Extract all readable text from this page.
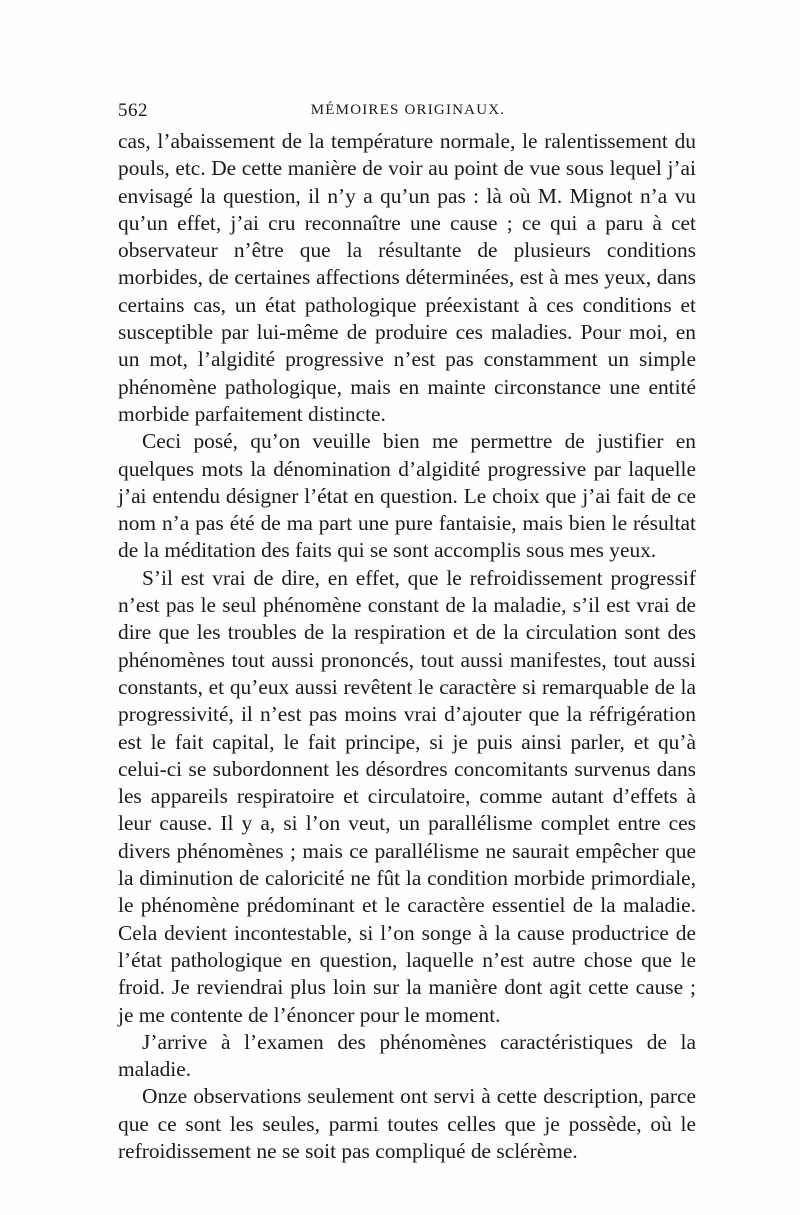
562	MÉMOIRES ORIGINAUX.

cas, l’abaissement de la température normale, le ralentissement du pouls, etc. De cette manière de voir au point de vue sous lequel j’ai envisagé la question, il n’y a qu’un pas : là où M. Mignot n’a vu qu’un effet, j’ai cru reconnaître une cause ; ce qui a paru à cet observateur n’être que la résultante de plusieurs conditions morbides, de certaines affections déterminées, est à mes yeux, dans certains cas, un état pathologique préexistant à ces conditions et susceptible par lui-même de produire ces maladies. Pour moi, en un mot, l’algidité progressive n’est pas constamment un simple phénomène pathologique, mais en mainte circonstance une entité morbide parfaitement distincte.

Ceci posé, qu’on veuille bien me permettre de justifier en quelques mots la dénomination d’algidité progressive par laquelle j’ai entendu désigner l’état en question. Le choix que j’ai fait de ce nom n’a pas été de ma part une pure fantaisie, mais bien le résultat de la méditation des faits qui se sont accomplis sous mes yeux.

S’il est vrai de dire, en effet, que le refroidissement progressif n’est pas le seul phénomène constant de la maladie, s’il est vrai de dire que les troubles de la respiration et de la circulation sont des phénomènes tout aussi prononcés, tout aussi manifestes, tout aussi constants, et qu’eux aussi revêtent le caractère si remarquable de la progressivité, il n’est pas moins vrai d’ajouter que la réfrigération est le fait capital, le fait principe, si je puis ainsi parler, et qu’à celui-ci se subordonnent les désordres concomitants survenus dans les appareils respiratoire et circulatoire, comme autant d’effets à leur cause. Il y a, si l’on veut, un parallélisme complet entre ces divers phénomènes ; mais ce parallélisme ne saurait empêcher que la diminution de caloricité ne fût la condition morbide primordiale, le phénomène prédominant et le caractère essentiel de la maladie. Cela devient incontestable, si l’on songe à la cause productrice de l’état pathologique en question, laquelle n’est autre chose que le froid. Je reviendrai plus loin sur la manière dont agit cette cause ; je me contente de l’énoncer pour le moment.

J’arrive à l’examen des phénomènes caractéristiques de la maladie.

Onze observations seulement ont servi à cette description, parce que ce sont les seules, parmi toutes celles que je possède, où le refroidissement ne se soit pas compliqué de sclérème.
